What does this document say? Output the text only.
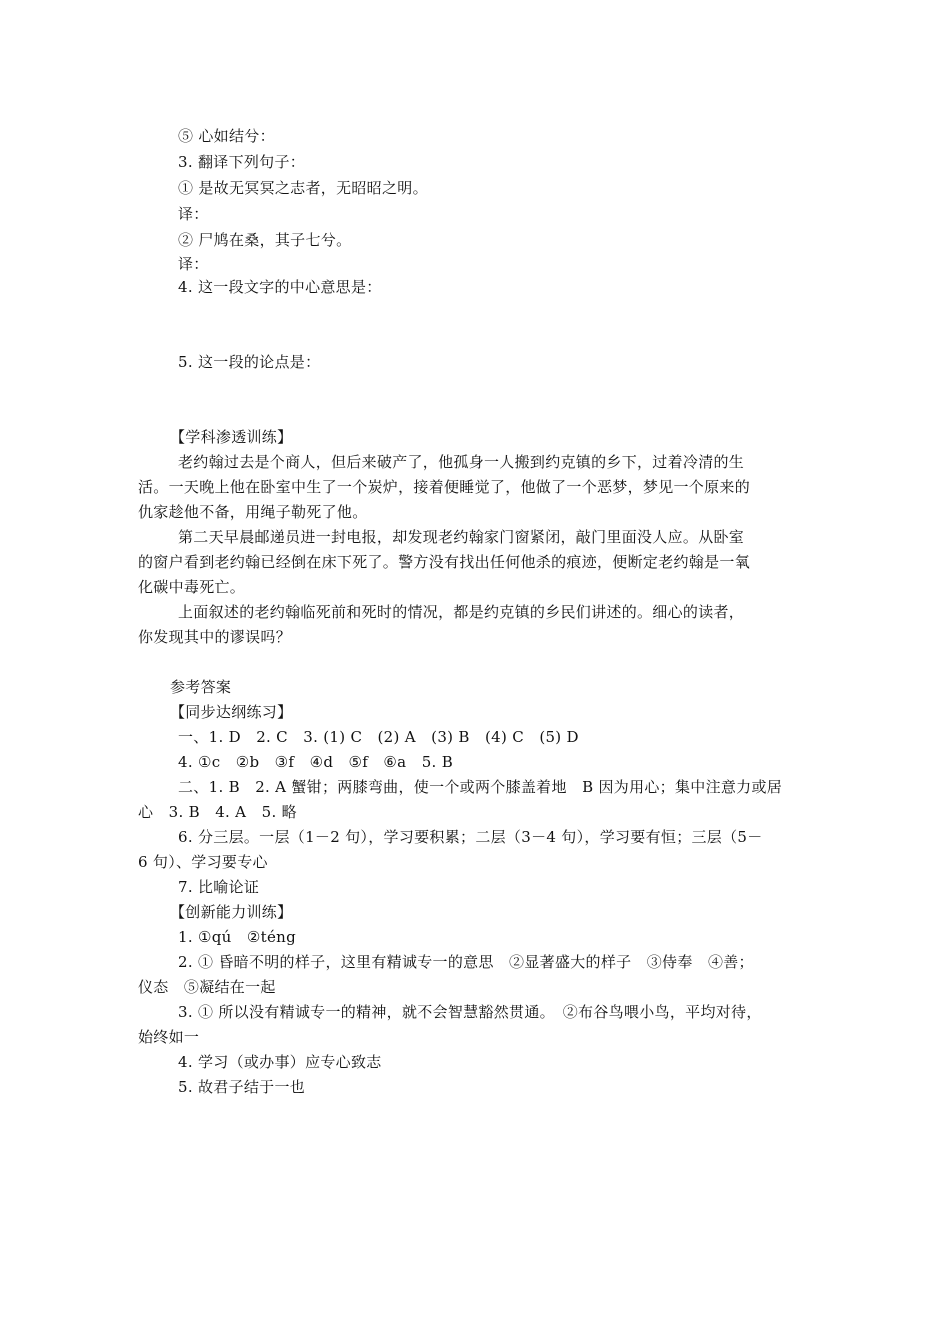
⑤ 心如结兮：
3. 翻译下列句子：
① 是故无冥冥之志者，无昭昭之明。
译：
② 尸鸠在桑，其子七兮。
译：
4. 这一段文字的中心意思是：
5. 这一段的论点是：
【学科渗透训练】
老约翰过去是个商人，但后来破产了，他孤身一人搬到约克镇的乡下，过着冷清的生
活。一天晚上他在卧室中生了一个炭炉，接着便睡觉了，他做了一个恶梦，梦见一个原来的
仇家趁他不备，用绳子勒死了他。
第二天早晨邮递员进一封电报，却发现老约翰家门窗紧闭，敲门里面没人应。从卧室
的窗户看到老约翰已经倒在床下死了。警方没有找出任何他杀的痕迹，便断定老约翰是一氧
化碳中毒死亡。
上面叙述的老约翰临死前和死时的情况，都是约克镇的乡民们讲述的。细心的读者，
你发现其中的谬误吗？
参考答案
【同步达纲练习】
一、1. D　2. C　3. (1) C　(2) A　(3) B　(4) C　(5) D
4. ①c　②b　③f　④d　⑤f　⑥a　5. B
二、1. B　2. A 蟹钳；两膝弯曲，使一个或两个膝盖着地　B 因为用心；集中注意力或居
心　3. B　4. A　5. 略
6. 分三层。一层（1－2 句），学习要积累；二层（3－4 句），学习要有恒；三层（5－
6 句）、学习要专心
7. 比喻论证
【创新能力训练】
1. ①qú　②téng
2. ① 昏暗不明的样子，这里有精诚专一的意思　②显著盛大的样子　③侍奉　④善；
仪态　⑤凝结在一起
3. ① 所以没有精诚专一的精神，就不会智慧豁然贯通。　②布谷鸟喂小鸟，平均对待，
始终如一
4. 学习（或办事）应专心致志
5. 故君子结于一也
